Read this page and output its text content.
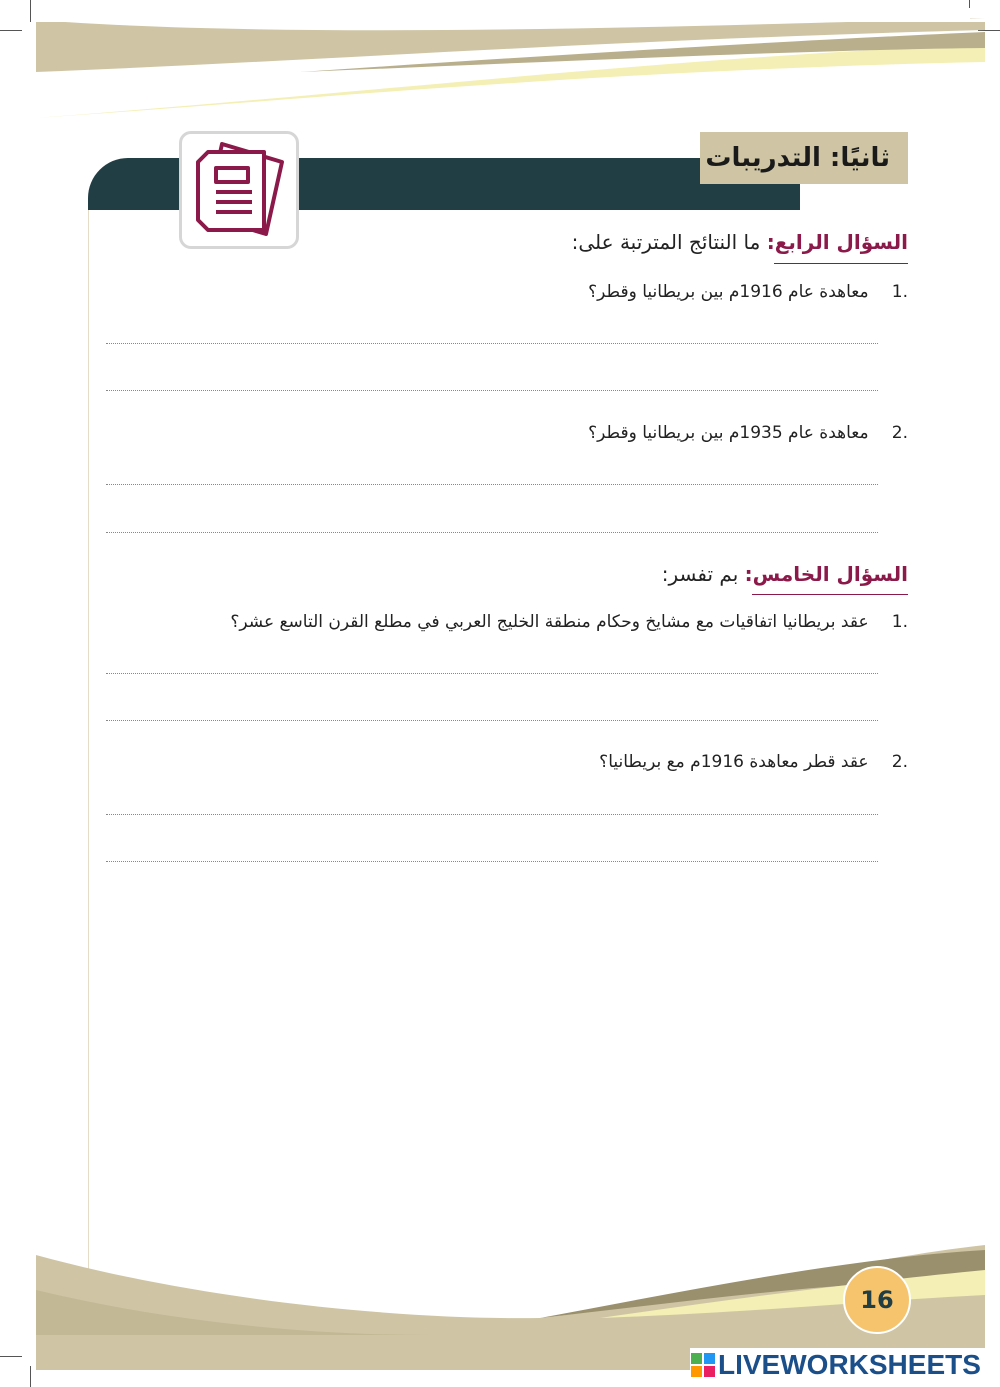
ثانيًا: التدريبات
السؤال الرابع: ما النتائج المترتبة على:
1. معاهدة عام 1916م بين بريطانيا وقطر؟
2. معاهدة عام 1935م بين بريطانيا وقطر؟
السؤال الخامس: بم تفسر:
1. عقد بريطانيا اتفاقيات مع مشايخ وحكام منطقة الخليج العربي في مطلع القرن التاسع عشر؟
2. عقد قطر معاهدة 1916م مع بريطانيا؟
16
LIVEWORKSHEETS
